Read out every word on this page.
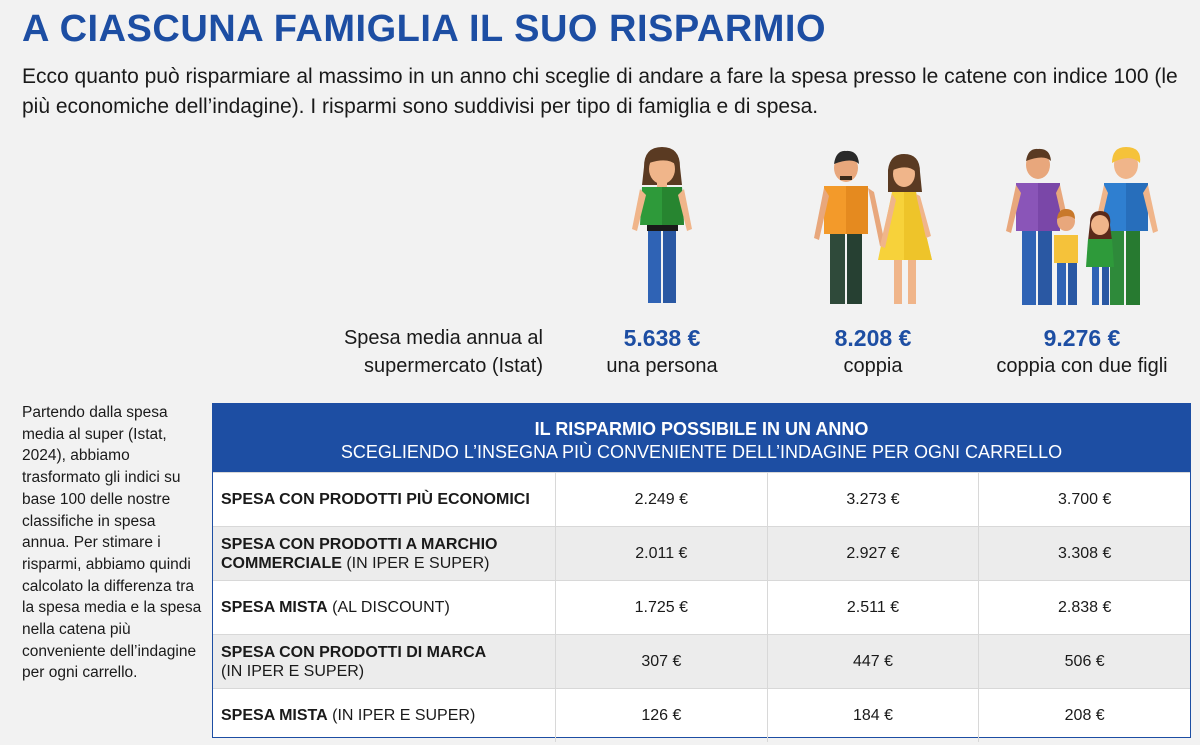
A CIASCUNA FAMIGLIA IL SUO RISPARMIO
Ecco quanto può risparmiare al massimo in un anno chi sceglie di andare a fare la spesa presso le catene con indice 100 (le più economiche dell’indagine). I risparmi sono suddivisi per tipo di famiglia e di spesa.
Spesa media annua al supermercato (Istat)
5.638 €
una persona
8.208 €
coppia
9.276 €
coppia con due figli
Partendo dalla spesa media al super (Istat, 2024), abbiamo trasformato gli indici su base 100 delle nostre classifiche in spesa annua. Per stimare i risparmi, abbiamo quindi calcolato la differenza tra la spesa media e la spesa nella catena più conveniente dell’indagine per ogni carrello.
IL RISPARMIO POSSIBILE IN UN ANNO
SCEGLIENDO L’INSEGNA PIÙ CONVENIENTE DELL’INDAGINE PER OGNI CARRELLO
SPESA CON PRODOTTI PIÙ ECONOMICI	2.249 €	3.273 €	3.700 €
SPESA CON PRODOTTI A MARCHIO COMMERCIALE (IN IPER E SUPER)
2.011 €	2.927 €	3.308 €
SPESA MISTA (AL DISCOUNT)	1.725 €	2.511 €	2.838 €
SPESA CON PRODOTTI DI MARCA
(IN IPER E SUPER)
307 €	447 €	506 €
SPESA MISTA (IN IPER E SUPER)	126 €	184 €	208 €
